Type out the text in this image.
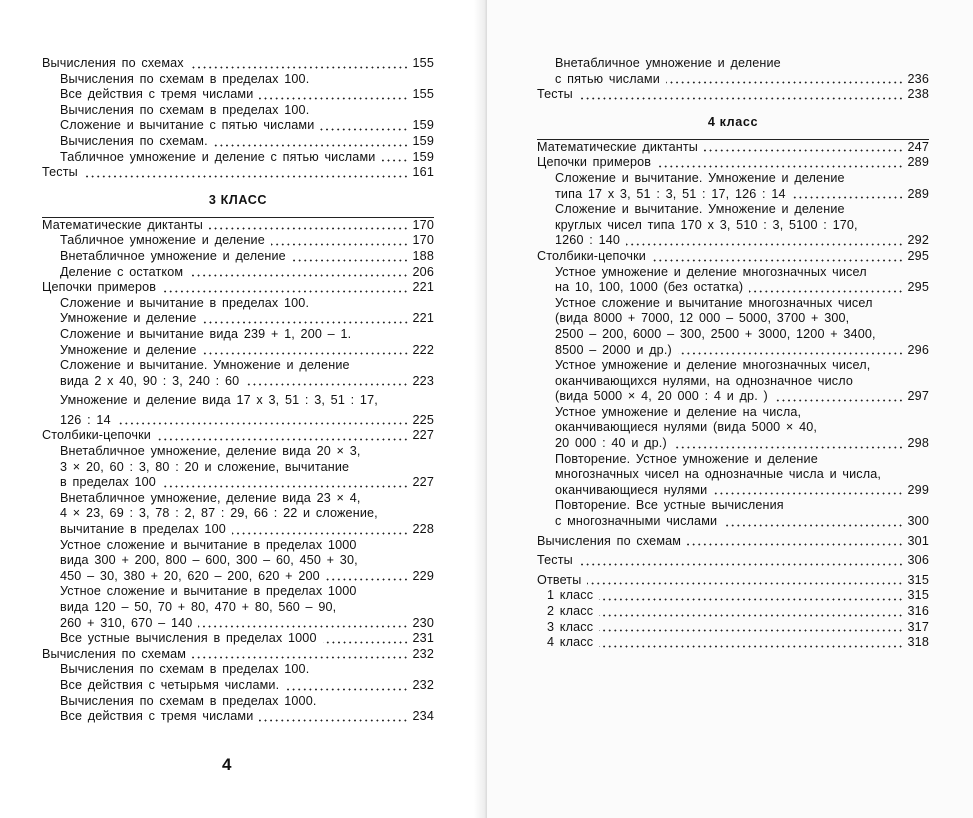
Вычисления по схемах	155
Вычисления по схемам в пределах 100.
Все действия с тремя числами	155
Вычисления по схемам в пределах 100.
Сложение и вычитание с пятью числами	159
Вычисления по схемам.	159
Табличное умножение и деление с пятью числами	159
Тесты	161
3 КЛАСС
Математические диктанты	170
Табличное умножение и деление	170
Внетабличное умножение и деление	188
Деление с остатком	206
Цепочки примеров	221
Сложение и вычитание в пределах 100.
Умножение и деление	221
Сложение и вычитание вида 239 + 1, 200 – 1.
Умножение и деление	222
Сложение и вычитание. Умножение и деление
вида 2 x 40, 90 : 3, 240 : 60	223
Умножение и деление вида 17 x 3, 51 : 3, 51 : 17,
126 : 14	225
Столбики-цепочки	227
Внетабличное умножение, деление вида 20 × 3,
3 × 20, 60 : 3, 80 : 20 и сложение, вычитание
в пределах 100	227
Внетабличное умножение, деление вида 23 × 4,
4 × 23, 69 : 3, 78 : 2, 87 : 29, 66 : 22 и сложение,
вычитание в пределах 100	228
Устное сложение и вычитание в пределах 1000
вида 300 + 200, 800 – 600, 300 – 60, 450 + 30,
450 – 30, 380 + 20, 620 – 200, 620 + 200	229
Устное сложение и вычитание в пределах 1000
вида 120 – 50, 70 + 80, 470 + 80, 560 – 90,
260 + 310, 670 – 140	230
Все устные вычисления в пределах 1000	231
Вычисления по схемам	232
Вычисления по схемам в пределах 100.
Все действия с четырьмя числами.	232
Вычисления по схемам в пределах 1000.
Все действия с тремя числами	234
4
Внетабличное умножение и деление
с пятью числами	236
Тесты	238
4 класс
Математические диктанты	247
Цепочки примеров	289
Сложение и вычитание. Умножение и деление
типа 17 x 3, 51 : 3, 51 : 17, 126 : 14	289
Сложение и вычитание. Умножение и деление
круглых чисел типа 170 x 3, 510 : 3, 5100 : 170,
1260 : 140	292
Столбики-цепочки	295
Устное умножение и деление многозначных чисел
на 10, 100, 1000 (без остатка)	295
Устное сложение и вычитание многозначных чисел
(вида 8000 + 7000, 12 000 – 5000, 3700 + 300,
2500 – 200, 6000 – 300, 2500 + 3000, 1200 + 3400,
8500 – 2000 и др.)	296
Устное умножение и деление многозначных чисел,
оканчивающихся нулями, на однозначное число
(вида 5000 × 4, 20 000 : 4 и др. )	297
Устное умножение и деление на числа,
оканчивающиеся нулями (вида 5000 × 40,
20 000 : 40 и др.)	298
Повторение. Устное умножение и деление
многозначных чисел на однозначные числа и числа,
оканчивающиеся нулями	299
Повторение. Все устные вычисления
с многозначными числами	300
Вычисления по схемам	301
Тесты	306
Ответы	315
1 класс	315
2 класс	316
3 класс	317
4 класс	318
